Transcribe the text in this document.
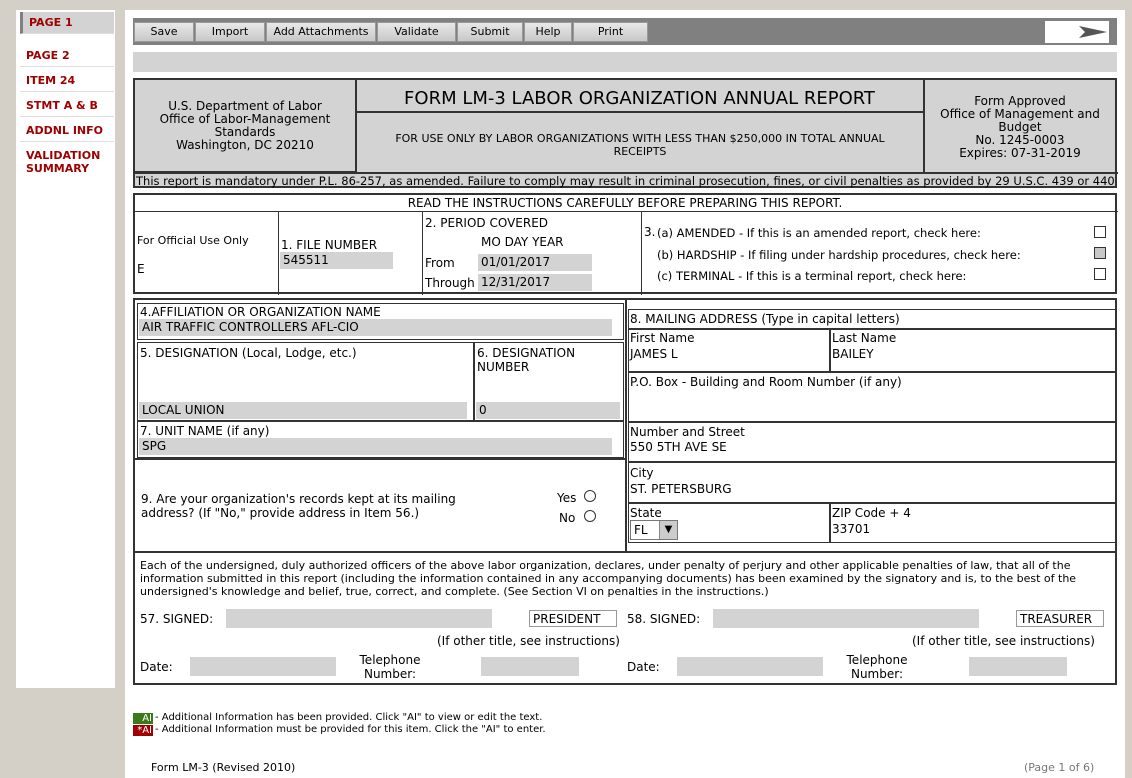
PAGE 1
PAGE 2
ITEM 24
STMT A & B
ADDNL INFO
VALIDATION SUMMARY
Save	Import	Add Attachments	Validate	Submit	Help	Print
U.S. Department of Labor
Office of Labor-Management
Standards
Washington, DC 20210
FORM LM-3 LABOR ORGANIZATION ANNUAL REPORT
FOR USE ONLY BY LABOR ORGANIZATIONS WITH LESS THAN $250,000 IN TOTAL ANNUAL RECEIPTS
Form Approved
Office of Management and
Budget
No. 1245-0003
Expires: 07-31-2019
This report is mandatory under P.L. 86-257, as amended. Failure to comply may result in criminal prosecution, fines, or civil penalties as provided by 29 U.S.C. 439 or 440
READ THE INSTRUCTIONS CAREFULLY BEFORE PREPARING THIS REPORT.
For Official Use Only
E
1. FILE NUMBER
545511
2. PERIOD COVERED
MO DAY YEAR
From 01/01/2017
Through 12/31/2017
3. (a) AMENDED - If this is an amended report, check here:
(b) HARDSHIP - If filing under hardship procedures, check here:
(c) TERMINAL - If this is a terminal report, check here:
4.AFFILIATION OR ORGANIZATION NAME
AIR TRAFFIC CONTROLLERS AFL-CIO
5. DESIGNATION (Local, Lodge, etc.)
LOCAL UNION
6. DESIGNATION NUMBER
0
7. UNIT NAME (if any)
SPG
9. Are your organization's records kept at its mailing address? (If "No," provide address in Item 56.)
Yes
No
8. MAILING ADDRESS (Type in capital letters)
First Name
JAMES L
Last Name
BAILEY
P.O. Box - Building and Room Number (if any)
Number and Street
550 5TH AVE SE
City
ST. PETERSBURG
State
FL	▼
ZIP Code + 4
33701
Each of the undersigned, duly authorized officers of the above labor organization, declares, under penalty of perjury and other applicable penalties of law, that all of the information submitted in this report (including the information contained in any accompanying documents) has been examined by the signatory and is, to the best of the undersigned's knowledge and belief, true, correct, and complete. (See Section VI on penalties in the instructions.)
57. SIGNED:	PRESIDENT
(If other title, see instructions)
Date:	Telephone Number:
58. SIGNED:	TREASURER
(If other title, see instructions)
Date:	Telephone Number:
AI - Additional Information has been provided. Click "AI" to view or edit the text.
*AI - Additional Information must be provided for this item. Click the "AI" to enter.
Form LM-3 (Revised 2010)	(Page 1 of 6)
